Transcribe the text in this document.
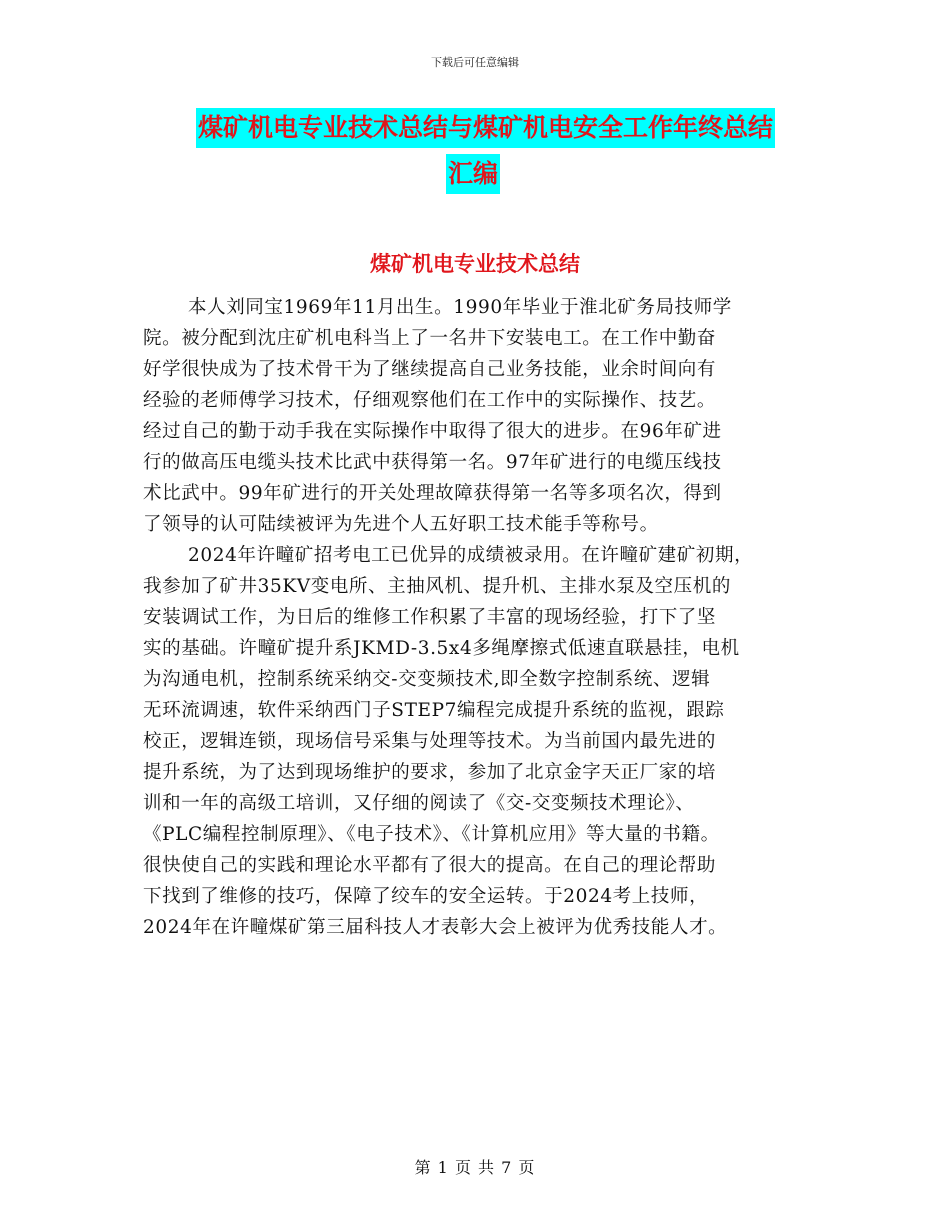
下载后可任意编辑
煤矿机电专业技术总结与煤矿机电安全工作年终总结
汇编
煤矿机电专业技术总结
本人刘同宝1969年11月出生。1990年毕业于淮北矿务局技师学
院。被分配到沈庄矿机电科当上了一名井下安装电工。在工作中勤奋
好学很快成为了技术骨干为了继续提高自己业务技能，业余时间向有
经验的老师傅学习技术，仔细观察他们在工作中的实际操作、技艺。
经过自己的勤于动手我在实际操作中取得了很大的进步。在96年矿进
行的做高压电缆头技术比武中获得第一名。97年矿进行的电缆压线技
术比武中。99年矿进行的开关处理故障获得第一名等多项名次，得到
了领导的认可陆续被评为先进个人五好职工技术能手等称号。
2024年许疃矿招考电工已优异的成绩被录用。在许疃矿建矿初期，
我参加了矿井35KV变电所、主抽风机、提升机、主排水泵及空压机的
安装调试工作，为日后的维修工作积累了丰富的现场经验，打下了坚
实的基础。许疃矿提升系JKMD-3.5x4多绳摩擦式低速直联悬挂，电机
为沟通电机，控制系统采纳交-交变频技术,即全数字控制系统、逻辑
无环流调速，软件采纳西门子STEP7编程完成提升系统的监视，跟踪
校正，逻辑连锁，现场信号采集与处理等技术。为当前国内最先进的
提升系统，为了达到现场维护的要求，参加了北京金字天正厂家的培
训和一年的高级工培训，又仔细的阅读了《交-交变频技术理论》、
《PLC编程控制原理》、《电子技术》、《计算机应用》等大量的书籍。
很快使自己的实践和理论水平都有了很大的提高。在自己的理论帮助
下找到了维修的技巧，保障了绞车的安全运转。于2024考上技师，
2024年在许疃煤矿第三届科技人才表彰大会上被评为优秀技能人才。
第 1 页 共 7 页
